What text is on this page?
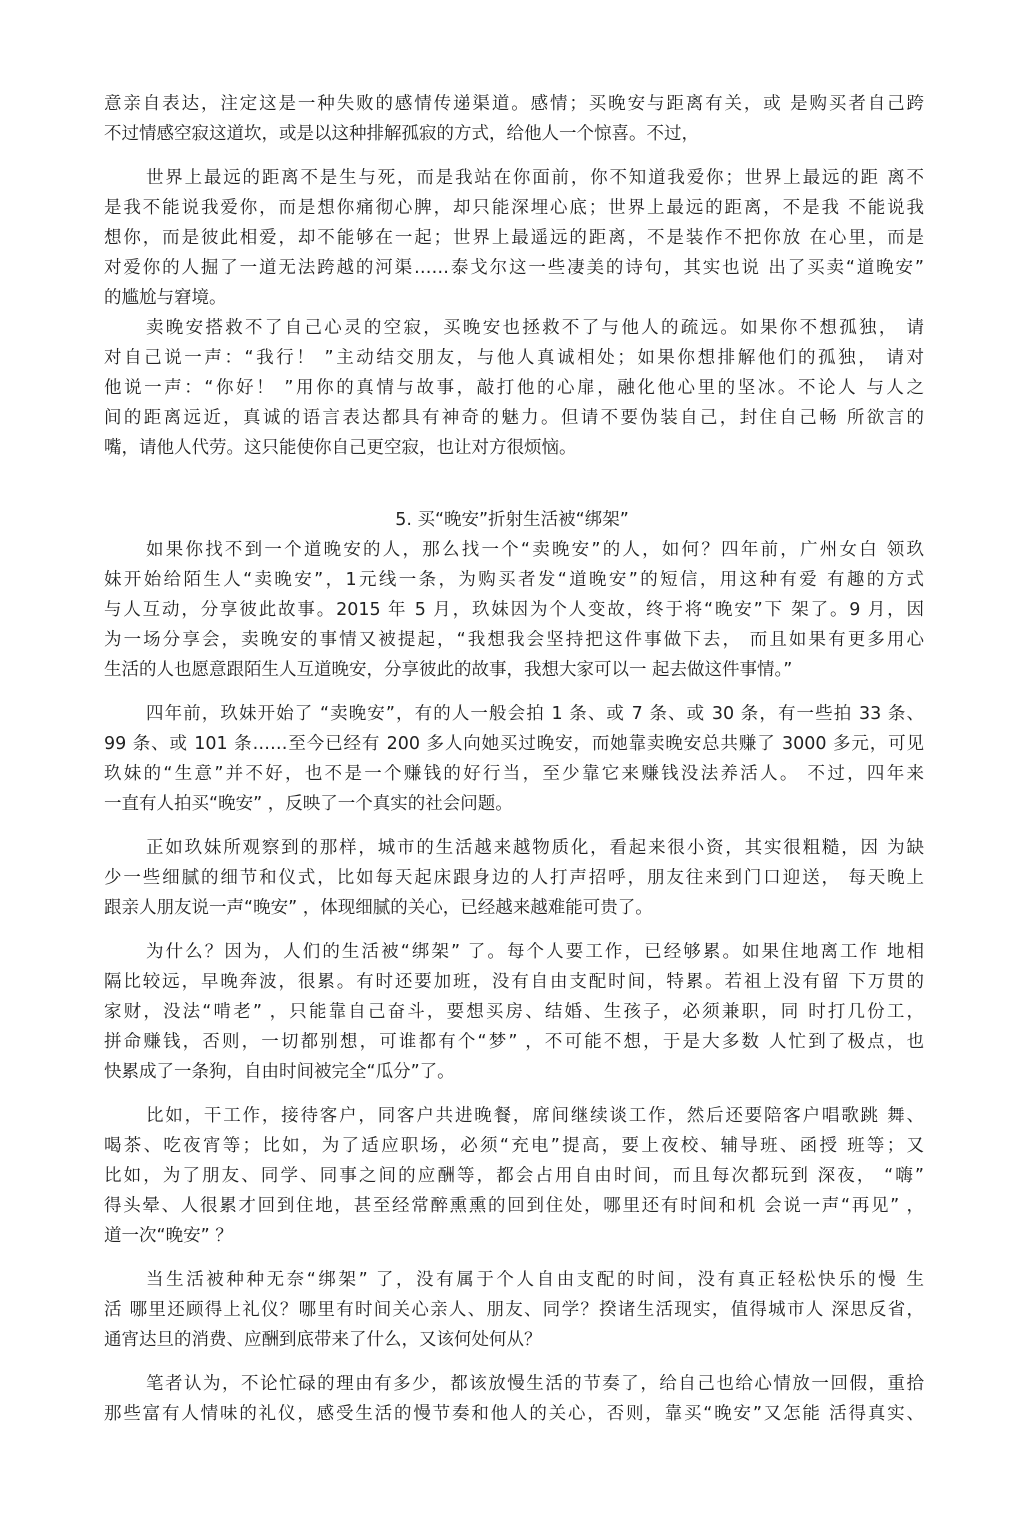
意亲自表达，注定这是一种失败的感情传递渠道。感情；买晚安与距离有关，或 是购买者自己跨
不过情感空寂这道坎，或是以这种排解孤寂的方式，给他人一个惊喜。不过，
世界上最远的距离不是生与死，而是我站在你面前，你不知道我爱你；世界上最远的距 离不
是我不能说我爱你，而是想你痛彻心脾，却只能深埋心底；世界上最远的距离，不是我 不能说我
想你，而是彼此相爱，却不能够在一起；世界上最遥远的距离，不是装作不把你放 在心里，而是
对爱你的人掘了一道无法跨越的河渠……泰戈尔这一些凄美的诗句，其实也说 出了买卖“道晚安”
的尴尬与窘境。
卖晚安搭救不了自己心灵的空寂，买晚安也拯救不了与他人的疏远。如果你不想孤独， 请
对自己说一声：“我行！ ”主动结交朋友，与他人真诚相处；如果你想排解他们的孤独， 请对
他说一声：“你好！ ”用你的真情与故事，敲打他的心扉，融化他心里的坚冰。不论人 与人之
间的距离远近，真诚的语言表达都具有神奇的魅力。但请不要伪装自己，封住自己畅 所欲言的
嘴，请他人代劳。这只能使你自己更空寂，也让对方很烦恼。
如果你找不到一个道晚安的人，那么找一个“卖晚安”的人，如何？四年前，广州女白 领玖
妹开始给陌生人“卖晚安”，1元线一条，为购买者发“道晚安”的短信，用这种有爱 有趣的方式
与人互动，分享彼此故事。2015 年 5 月，玖妹因为个人变故，终于将“晚安”下 架了。9 月，因
为一场分享会，卖晚安的事情又被提起，“我想我会坚持把这件事做下去， 而且如果有更多用心
生活的人也愿意跟陌生人互道晚安，分享彼此的故事，我想大家可以一 起去做这件事情。”
四年前，玖妹开始了 “卖晚安”，有的人一般会拍 1 条、或 7 条、或 30 条，有一些拍 33 条、
99 条、或 101 条……至今已经有 200 多人向她买过晚安，而她靠卖晚安总共赚了 3000 多元，可见
玖妹的“生意”并不好，也不是一个赚钱的好行当，至少靠它来赚钱没法养活人。 不过，四年来
一直有人拍买“晚安” ，反映了一个真实的社会问题。
正如玖妹所观察到的那样，城市的生活越来越物质化，看起来很小资，其实很粗糙，因 为缺
少一些细腻的细节和仪式，比如每天起床跟身边的人打声招呼，朋友往来到门口迎送， 每天晚上
跟亲人朋友说一声“晚安” ，体现细腻的关心，已经越来越难能可贵了。
为什么？因为，人们的生活被“绑架” 了。每个人要工作，已经够累。如果住地离工作 地相
隔比较远，早晚奔波，很累。有时还要加班，没有自由支配时间，特累。若祖上没有留 下万贯的
家财，没法“啃老” ，只能靠自己奋斗，要想买房、结婚、生孩子，必须兼职，同 时打几份工，
拼命赚钱，否则，一切都别想，可谁都有个“梦” ，不可能不想，于是大多数 人忙到了极点，也
快累成了一条狗，自由时间被完全“瓜分”了。
比如，干工作，接待客户，同客户共进晚餐，席间继续谈工作，然后还要陪客户唱歌跳 舞、
喝茶、吃夜宵等；比如，为了适应职场，必须“充电”提高，要上夜校、辅导班、函授 班等；又
比如，为了朋友、同学、同事之间的应酬等，都会占用自由时间，而且每次都玩到 深夜， “嗨”
得头晕、人很累才回到住地，甚至经常醉熏熏的回到住处，哪里还有时间和机 会说一声“再见” ，
道一次“晚安” ？
当生活被种种无奈“绑架” 了，没有属于个人自由支配的时间，没有真正轻松快乐的慢 生
活 哪里还顾得上礼仪？哪里有时间关心亲人、朋友、同学？揆诸生活现实，值得城市人 深思反省，
通宵达旦的消费、应酬到底带来了什么，又该何处何从？
笔者认为，不论忙碌的理由有多少，都该放慢生活的节奏了，给自己也给心情放一回假，重拾
那些富有人情味的礼仪，感受生活的慢节奏和他人的关心，否则，靠买“晚安”又怎能 活得真实、
5. 买“晚安”折射生活被“绑架”
